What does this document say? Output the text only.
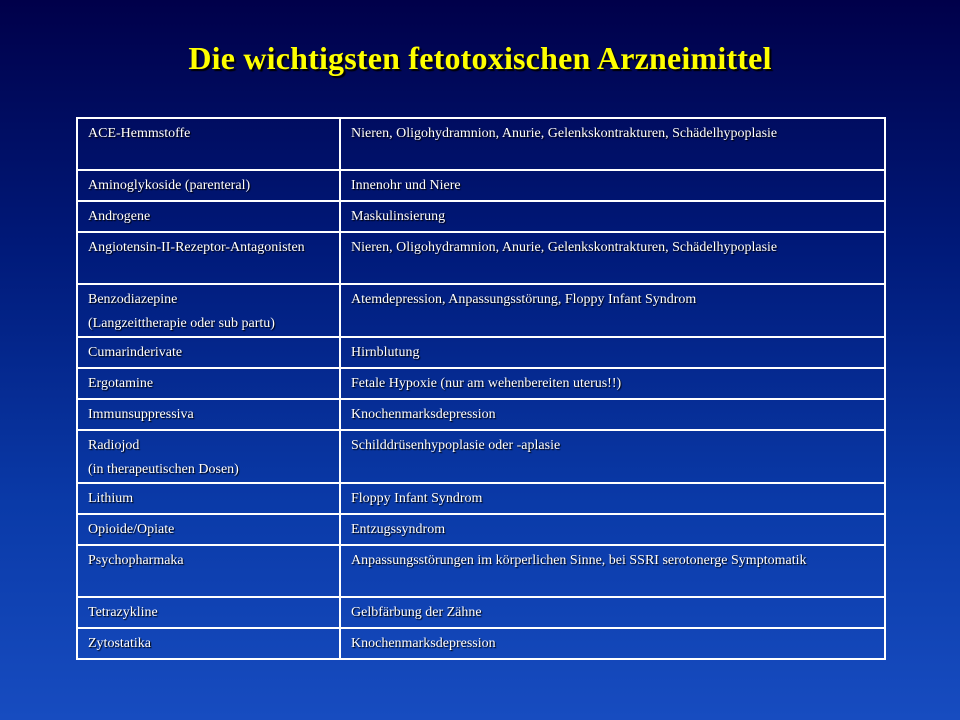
Die wichtigsten fetotoxischen Arzneimittel
ACE-Hemmstoffe	Nieren, Oligohydramnion, Anurie, Gelenkskontrakturen, Schädelhypoplasie

Aminoglykoside (parenteral)	Innenohr und Niere

Androgene	Maskulinsierung

Angiotensin-II-Rezeptor-Antagonisten	Nieren, Oligohydramnion, Anurie, Gelenkskontrakturen, Schädelhypoplasie

Benzodiazepine
(Langzeittherapie oder sub partu)	Atemdepression, Anpassungsstörung, Floppy Infant Syndrom

Cumarinderivate	Hirnblutung

Ergotamine	Fetale Hypoxie (nur am wehenbereiten uterus!!)

Immunsuppressiva	Knochenmarksdepression

Radiojod
(in therapeutischen Dosen)	Schilddrüsenhypoplasie oder -aplasie

Lithium	Floppy Infant Syndrom

Opioide/Opiate	Entzugssyndrom

Psychopharmaka	Anpassungsstörungen im körperlichen Sinne, bei SSRI serotonerge Symptomatik

Tetrazykline	Gelbfärbung der Zähne

Zytostatika	Knochenmarksdepression
